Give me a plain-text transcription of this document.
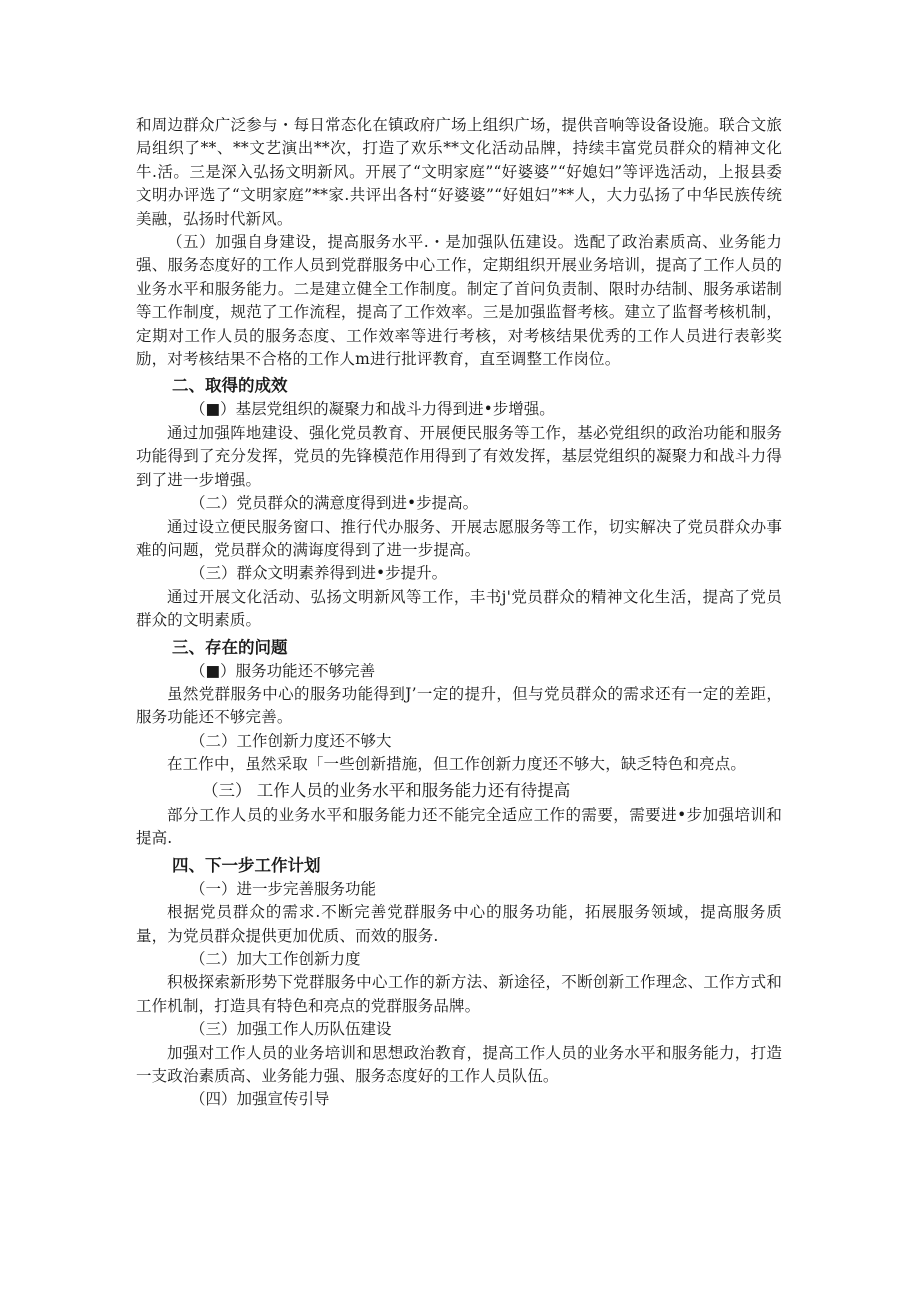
和周边群众广泛参与・每日常态化在镇政府广场上组织广场，提供音响等设备设施。联合文旅局组织了**、**文艺演出**次，打造了欢乐**文化活动品牌，持续丰富党员群众的精神文化牛.活。三是深入弘扬文明新风。开展了“文明家庭”“好婆婆”“好媳妇”等评选活动，上报县委文明办评选了“文明家庭”**家.共评出各村“好婆婆”“好姐妇”**人，大力弘扬了中华民族传统美融，弘扬时代新风。

（五）加强自身建设，提高服务水平.・是加强队伍建设。选配了政治素质高、业务能力强、服务态度好的工作人员到党群服务中心工作，定期组织开展业务培训，提高了工作人员的业务水平和服务能力。二是建立健全工作制度。制定了首问负责制、限时办结制、服务承诺制等工作制度，规范了工作流程，提高了工作效率。三是加强监督考核。建立了监督考核机制，定期对工作人员的服务态度、工作效率等进行考核，对考核结果优秀的工作人员进行表彰奖励，对考核结果不合格的工作人m进行批评教育，直至调整工作岗位。

二、取得的成效
（■）基层党组织的凝聚力和战斗力得到进•步增强。

通过加强阵地建设、强化党员教育、开展便民服务等工作，基必党组织的政治功能和服务功能得到了充分发挥，党员的先锋模范作用得到了有效发挥，基层党组织的凝聚力和战斗力得到了进一步增强。

（二）党员群众的满意度得到进•步提高。

通过设立便民服务窗口、推行代办服务、开展志愿服务等工作，切实解决了党员群众办事难的问题，党员群众的满诲度得到了进一步提高。

（三）群众文明素养得到进•步提升。

通过开展文化活动、弘扬文明新风等工作，丰书j'党员群众的精神文化生活，提高了党员群众的文明素质。

三、存在的问题
（■）服务功能还不够完善

虽然党群服务中心的服务功能得到J’一定的提升，但与党员群众的需求还有一定的差距，服务功能还不够完善。

（二）工作创新力度还不够大

在工作中，虽然采取「一些创新措施，但工作创新力度还不够大，缺乏特色和亮点。

（三） 工作人员的业务水平和服务能力还有待提高

部分工作人员的业务水平和服务能力还不能完全适应工作的需要，需要进•步加强培训和提高.

四、下一步工作计划
（一）进一步完善服务功能

根据党员群众的需求.不断完善党群服务中心的服务功能，拓展服务领域，提高服务质量，为党员群众提供更加优质、而效的服务.

（二）加大工作创新力度

积极探索新形势下党群服务中心工作的新方法、新途径，不断创新工作理念、工作方式和工作机制，打造具有特色和亮点的党群服务品牌。

（三）加强工作人历队伍建设

加强对工作人员的业务培训和思想政治教育，提高工作人员的业务水平和服务能力，打造一支政治素质高、业务能力强、服务态度好的工作人员队伍。

（四）加强宣传引导
